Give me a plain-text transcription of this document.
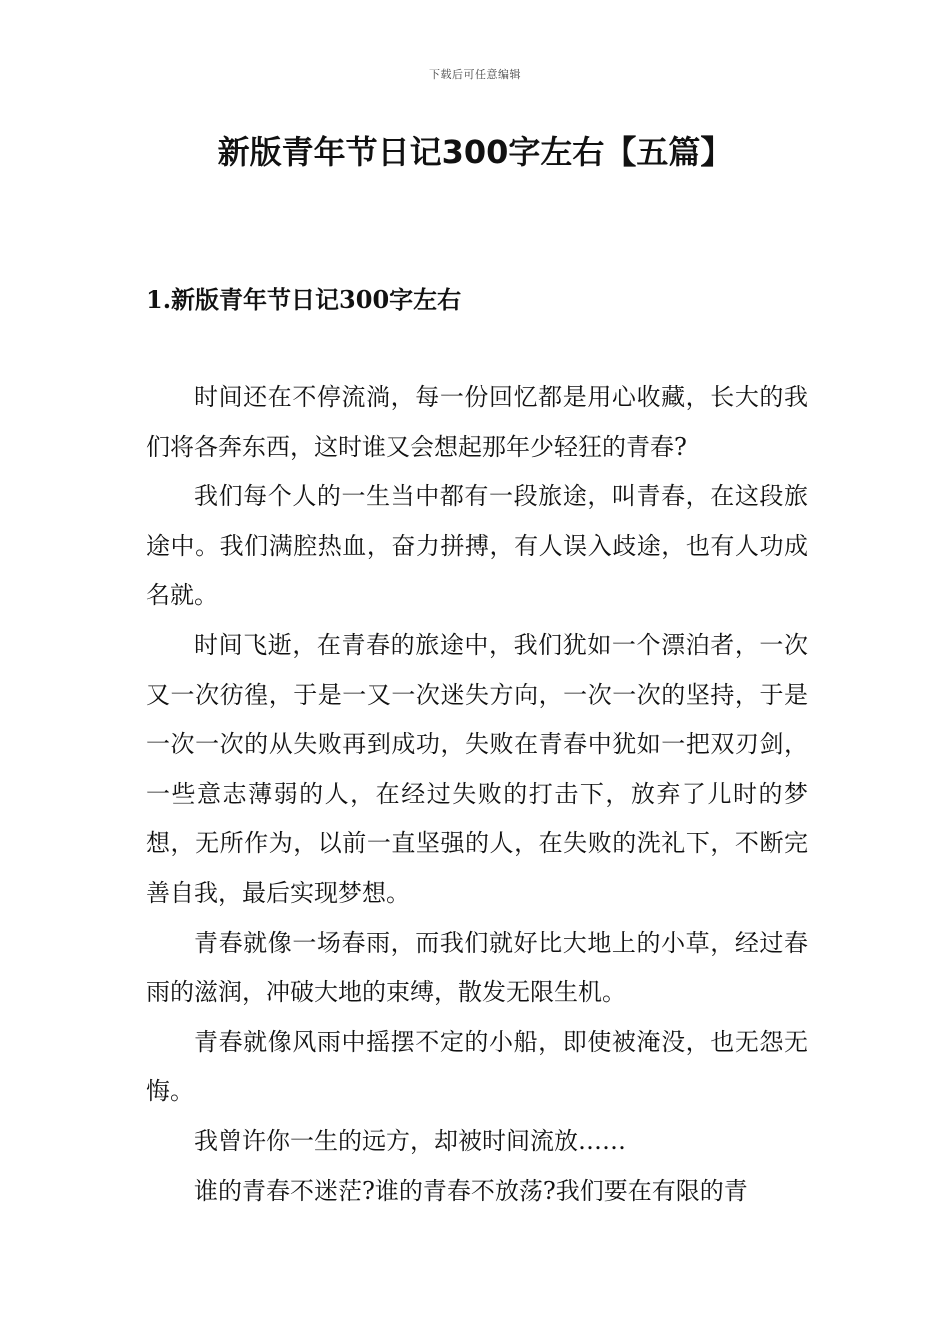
下载后可任意编辑
新版青年节日记300字左右【五篇】
1.新版青年节日记300字左右

时间还在不停流淌，每一份回忆都是用心收藏，长大的我们将各奔东西，这时谁又会想起那年少轻狂的青春?

我们每个人的一生当中都有一段旅途，叫青春，在这段旅途中。我们满腔热血，奋力拼搏，有人误入歧途，也有人功成名就。

时间飞逝，在青春的旅途中，我们犹如一个漂泊者，一次又一次彷徨，于是一又一次迷失方向，一次一次的坚持，于是一次一次的从失败再到成功，失败在青春中犹如一把双刃剑，一些意志薄弱的人，在经过失败的打击下，放弃了儿时的梦想，无所作为，以前一直坚强的人，在失败的洗礼下，不断完善自我，最后实现梦想。

青春就像一场春雨，而我们就好比大地上的小草，经过春雨的滋润，冲破大地的束缚，散发无限生机。

青春就像风雨中摇摆不定的小船，即使被淹没，也无怨无悔。

我曾许你一生的远方，却被时间流放……

谁的青春不迷茫?谁的青春不放荡?我们要在有限的青
